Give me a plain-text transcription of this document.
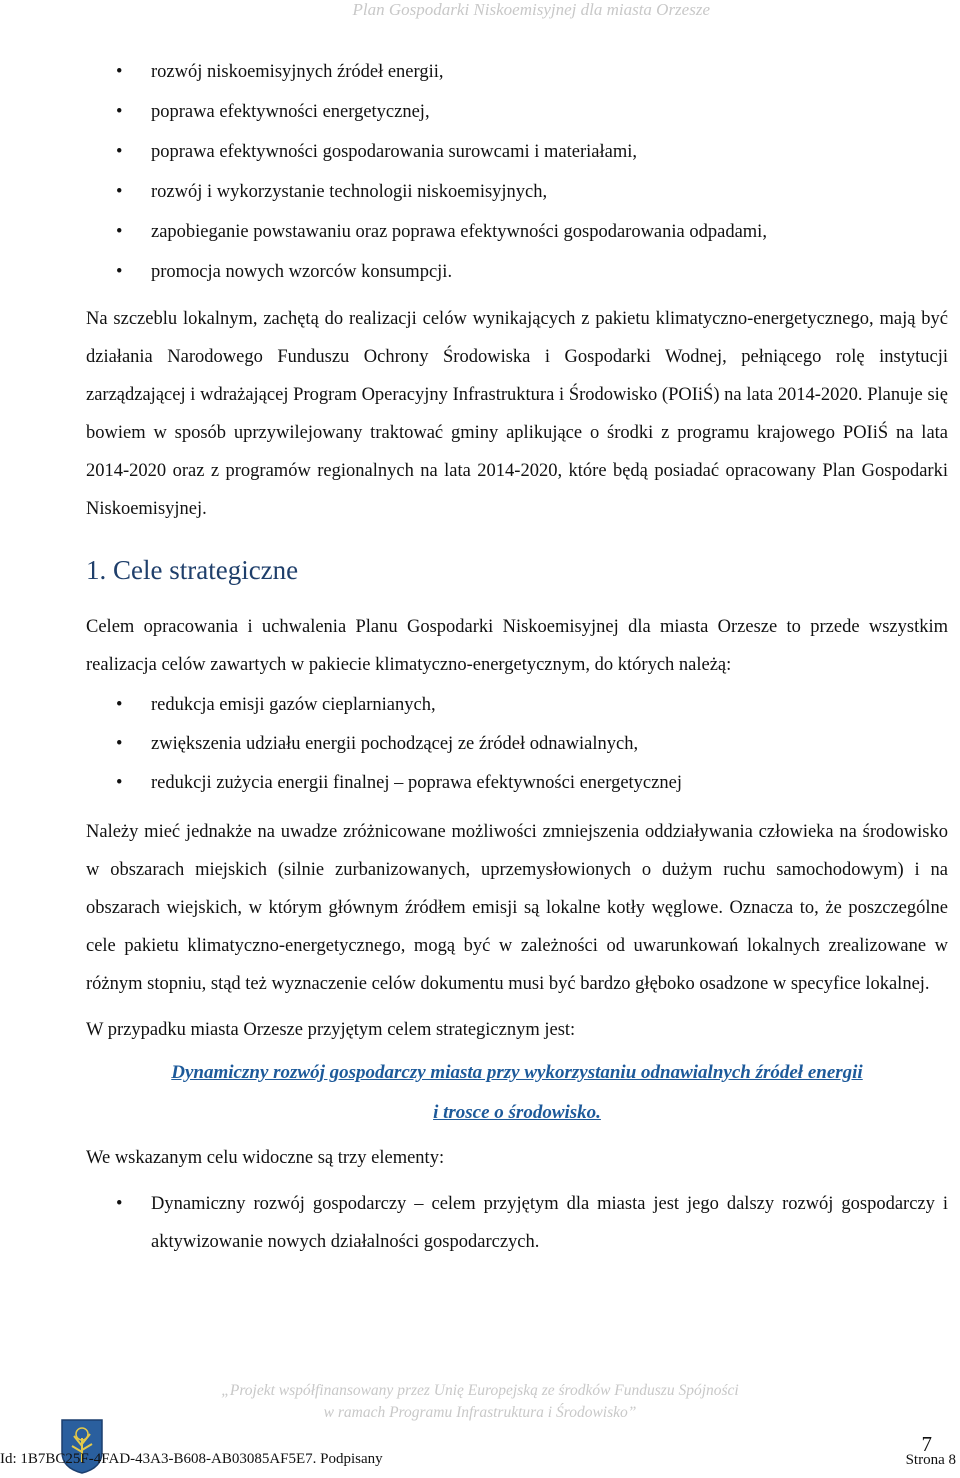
Plan Gospodarki Niskoemisyjnej dla miasta Orzesze
• rozwój niskoemisyjnych źródeł energii,
• poprawa efektywności energetycznej,
• poprawa efektywności gospodarowania surowcami i materiałami,
• rozwój i wykorzystanie technologii niskoemisyjnych,
• zapobieganie powstawaniu oraz poprawa efektywności gospodarowania odpadami,
• promocja nowych wzorców konsumpcji.

Na szczeblu lokalnym, zachętą do realizacji celów wynikających z pakietu klimatyczno-energetycznego, mają być działania Narodowego Funduszu Ochrony Środowiska i Gospodarki Wodnej, pełniącego rolę instytucji zarządzającej i wdrażającej Program Operacyjny Infrastruktura i Środowisko (POIiŚ) na lata 2014-2020. Planuje się bowiem w sposób uprzywilejowany traktować gminy aplikujące o środki z programu krajowego POIiŚ na lata 2014-2020 oraz z programów regionalnych na lata 2014-2020, które będą posiadać opracowany Plan Gospodarki Niskoemisyjnej.

1. Cele strategiczne

Celem opracowania i uchwalenia Planu Gospodarki Niskoemisyjnej dla miasta Orzesze to przede wszystkim realizacja celów zawartych w pakiecie klimatyczno-energetycznym, do których należą:

• redukcja emisji gazów cieplarnianych,
• zwiększenia udziału energii pochodzącej ze źródeł odnawialnych,
• redukcji zużycia energii finalnej – poprawa efektywności energetycznej

Należy mieć jednakże na uwadze zróżnicowane możliwości zmniejszenia oddziaływania człowieka na środowisko w obszarach miejskich (silnie zurbanizowanych, uprzemysłowionych o dużym ruchu samochodowym) i na obszarach wiejskich, w którym głównym źródłem emisji są lokalne kotły węglowe. Oznacza to, że poszczególne cele pakietu klimatyczno-energetycznego, mogą być w zależności od uwarunkowań lokalnych zrealizowane w różnym stopniu, stąd też wyznaczenie celów dokumentu musi być bardzo głęboko osadzone w specyfice lokalnej.

W przypadku miasta Orzesze przyjętym celem strategicznym jest:

Dynamiczny rozwój gospodarczy miasta przy wykorzystaniu odnawialnych źródeł energii

i trosce o środowisko.

We wskazanym celu widoczne są trzy elementy:

• Dynamiczny rozwój gospodarczy – celem przyjętym dla miasta jest jego dalszy rozwój gospodarczy i aktywizowanie nowych działalności gospodarczych.
„Projekt współfinansowany przez Unię Europejską ze środków Funduszu Spójności
w ramach Programu Infrastruktura i Środowisko”
Id: 1B7BC25F-4FAD-43A3-B608-AB03085AF5E7. Podpisany
7
Strona 8
